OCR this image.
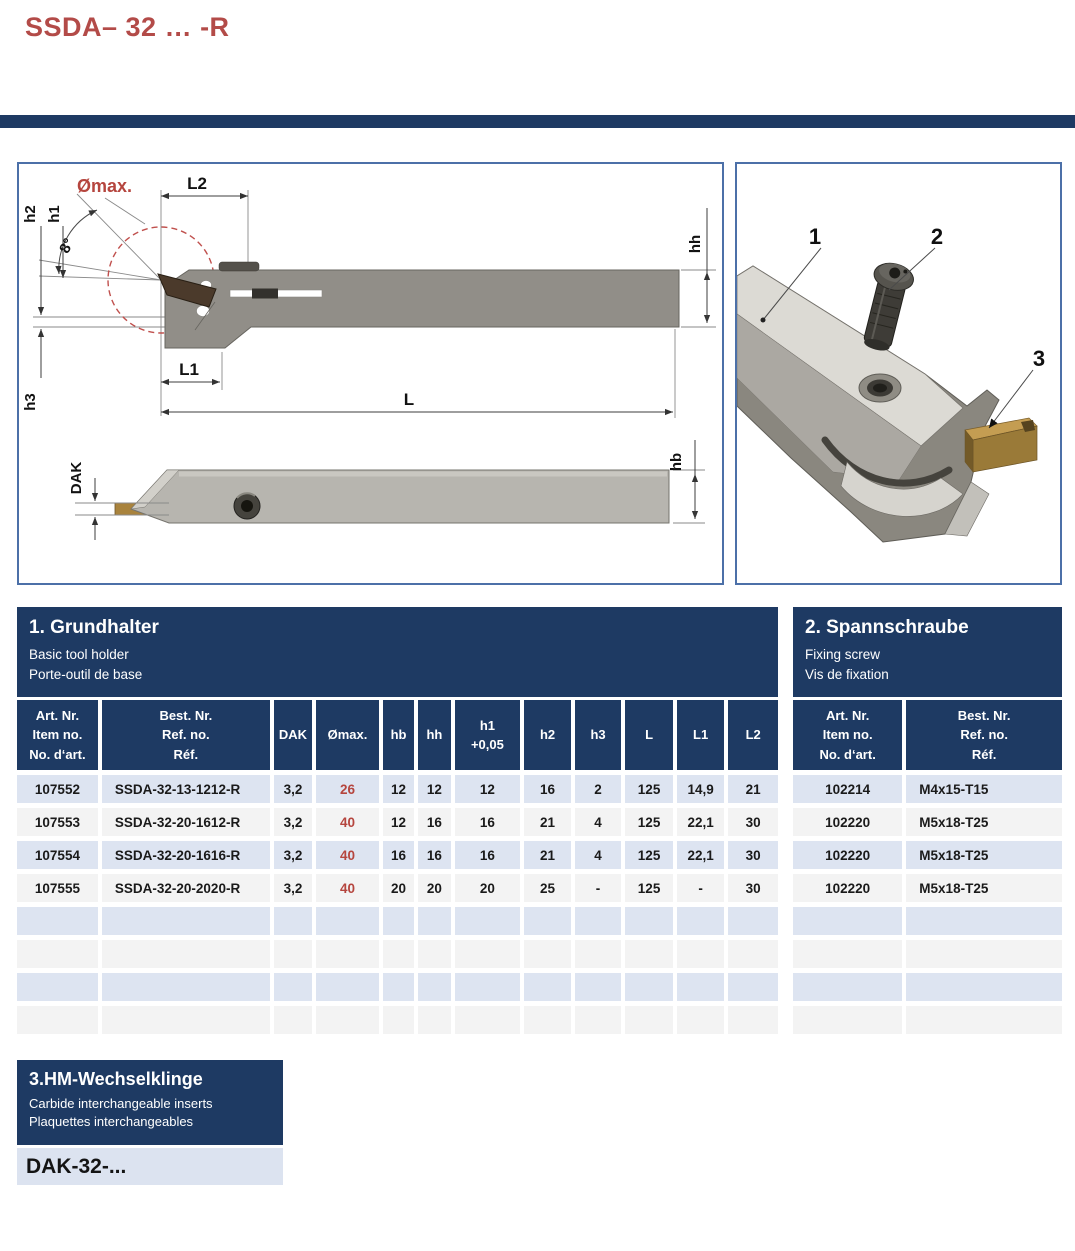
SSDA– 32 … -R
Ømax.	L2
8°
h2 h1
h3
L1
L
hh
DAK	hb
1	2
3
1. Grundhalter
Basic tool holder
Porte-outil de base
Art. Nr.
Item no.
No. d‘art.	Best. Nr.
Ref. no.
Réf.	DAK	Ømax.	hb	hh	h1
+0,05	h2	h3	L	L1	L2
107552	SSDA-32-13-1212-R	3,2	26	12	12	12	16	2	125	14,9	21
107553	SSDA-32-20-1612-R	3,2	40	12	16	16	21	4	125	22,1	30
107554	SSDA-32-20-1616-R	3,2	40	16	16	16	21	4	125	22,1	30
107555	SSDA-32-20-2020-R	3,2	40	20	20	20	25	-	125	-	30

2. Spannschraube
Fixing screw
Vis de fixation
Art. Nr.
Item no.
No. d‘art.	Best. Nr.
Ref. no.
Réf.
102214	M4x15-T15
102220	M5x18-T25
102220	M5x18-T25
102220	M5x18-T25

3.HM-Wechselklinge
Carbide interchangeable inserts
Plaquettes interchangeables
DAK-32-...
